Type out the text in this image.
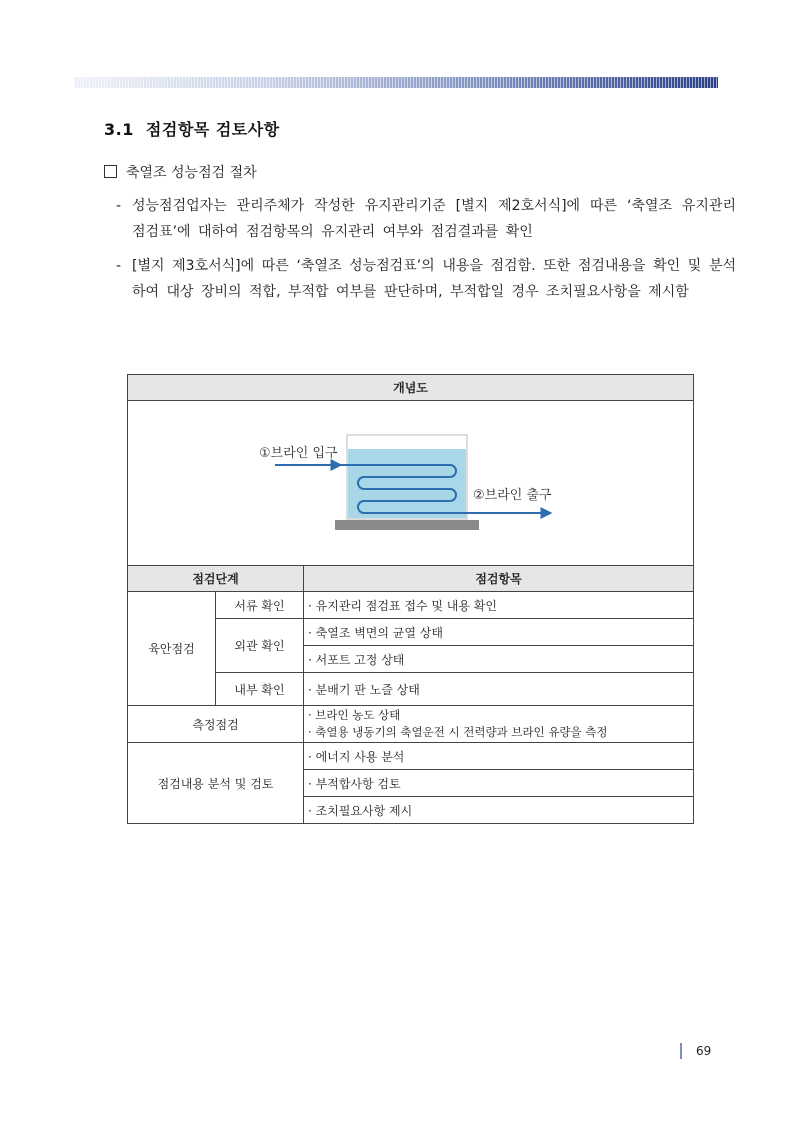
3.1 점검항목 검토사항
축열조 성능점검 절차
- 성능점검업자는 관리주체가 작성한 유지관리기준 [별지 제2호서식]에 따른 ‘축열조 유지관리 점검표’에 대하여 점검항목의 유지관리 여부와 점검결과를 확인
- [별지 제3호서식]에 따른 ‘축열조 성능점검표’의 내용을 점검함. 또한 점검내용을 확인 및 분석하여 대상 장비의 적합, 부적합 여부를 판단하며, 부적합일 경우 조치필요사항을 제시함
개념도		

①브라인 입구
②브라인 출구		

점검단계		점검항목
육안점검	서류 확인	· 유지관리 점검표 접수 및 내용 확인
	외관 확인	· 축열조 벽면의 균열 상태
		· 서포트 고정 상태
	내부 확인	· 분배기 판 노즐 상태
측정점검		· 브라인 농도 상태
· 축열용 냉동기의 축열운전 시 전력량과 브라인 유량을 측정

점검내용 분석 및 검토		· 에너지 사용 분석
		· 부적합사항 검토
		· 조치필요사항 제시
69
